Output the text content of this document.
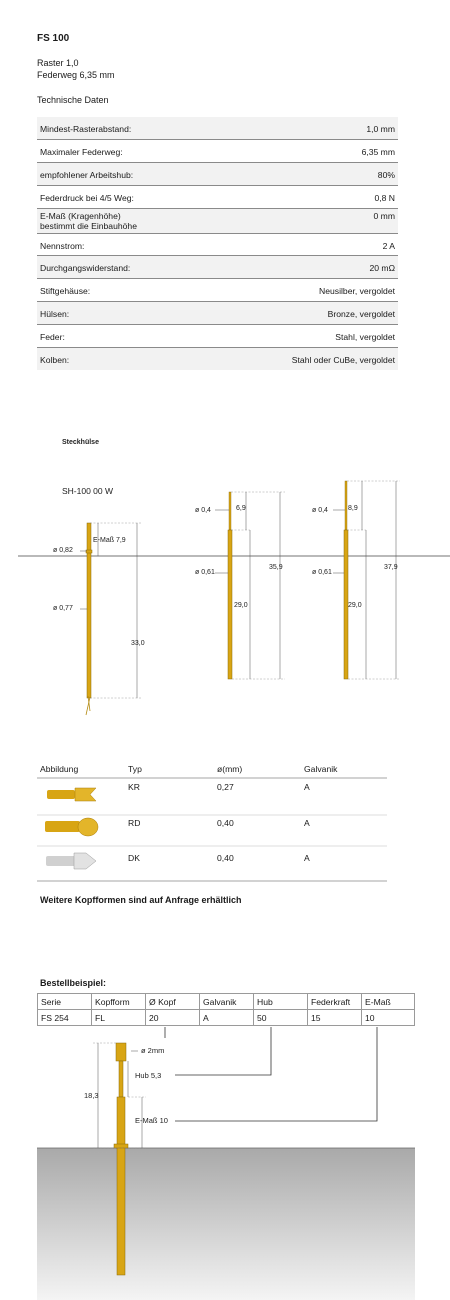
FS 100
Raster 1,0
Federweg 6,35 mm
Technische Daten
Mindest-Rasterabstand:	1,0 mm
Maximaler Federweg:	6,35 mm
empfohlener Arbeitshub:	80%
Federdruck bei 4/5 Weg:	0,8 N

E-Maß (Kragenhöhe)
bestimmt die Einbauhöhe	0 mm
Nennstrom:	2 A
Durchgangswiderstand:	20 mΩ
Stiftgehäuse:	Neusilber, vergoldet
Hülsen:	Bronze, vergoldet
Feder:	Stahl, vergoldet
Kolben:	Stahl oder CuBe, vergoldet
Steckhülse
SH-100 00 W
ø 0,82
E-Maß 7,9
ø 0,77
33,0
ø 0,4	6,9
ø 0,61
35,9
29,0
ø 0,4	8,9
ø 0,61
37,9
29,0
Abbildung	Typ	ø(mm)	Galvanik
KR	0,27	A
RD	0,40	A
DK	0,40	A
Weitere Kopfformen sind auf Anfrage erhältlich
Bestellbeispiel:
Serie	Kopfform	Ø Kopf	Galvanik	Hub	Federkraft	E-Maß
FS 254	FL	20	A	50	15	10
ø 2mm
Hub 5,3
18,3
E-Maß 10
